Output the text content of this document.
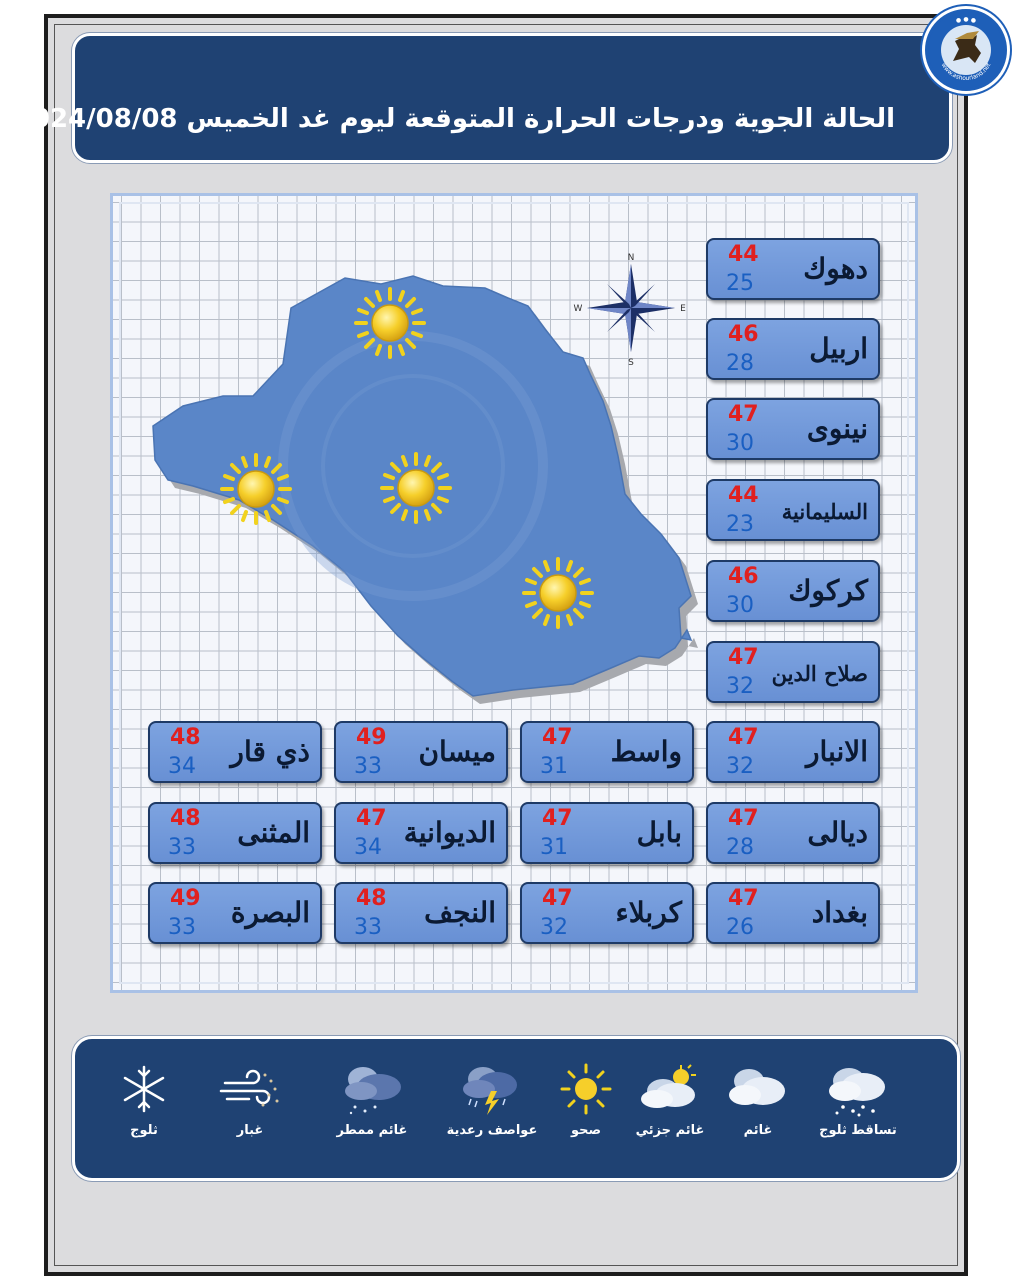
الحالة الجوية ودرجات الحرارة المتوقعة ليوم غد الخميس 2024/08/08
www.ashourland.net
● ● ●
N
S
E
W
دهوك
44
25
اربيل
46
28
نينوى
47
30
السليمانية
44
23
كركوك
46
30
صلاح الدين
47
32
الانبار
47
32
واسط
47
31
ميسان
49
33
ذي قار
48
34
ديالى
47
28
بابل
47
31
الديوانية
47
34
المثنى
48
33
بغداد
47
26
كربلاء
47
32
النجف
48
33
البصرة
49
33
تساقط ثلوج
غائم
غائم جزئي
صحو
عواصف رعدية
غائم ممطر
غبار
ثلوج
